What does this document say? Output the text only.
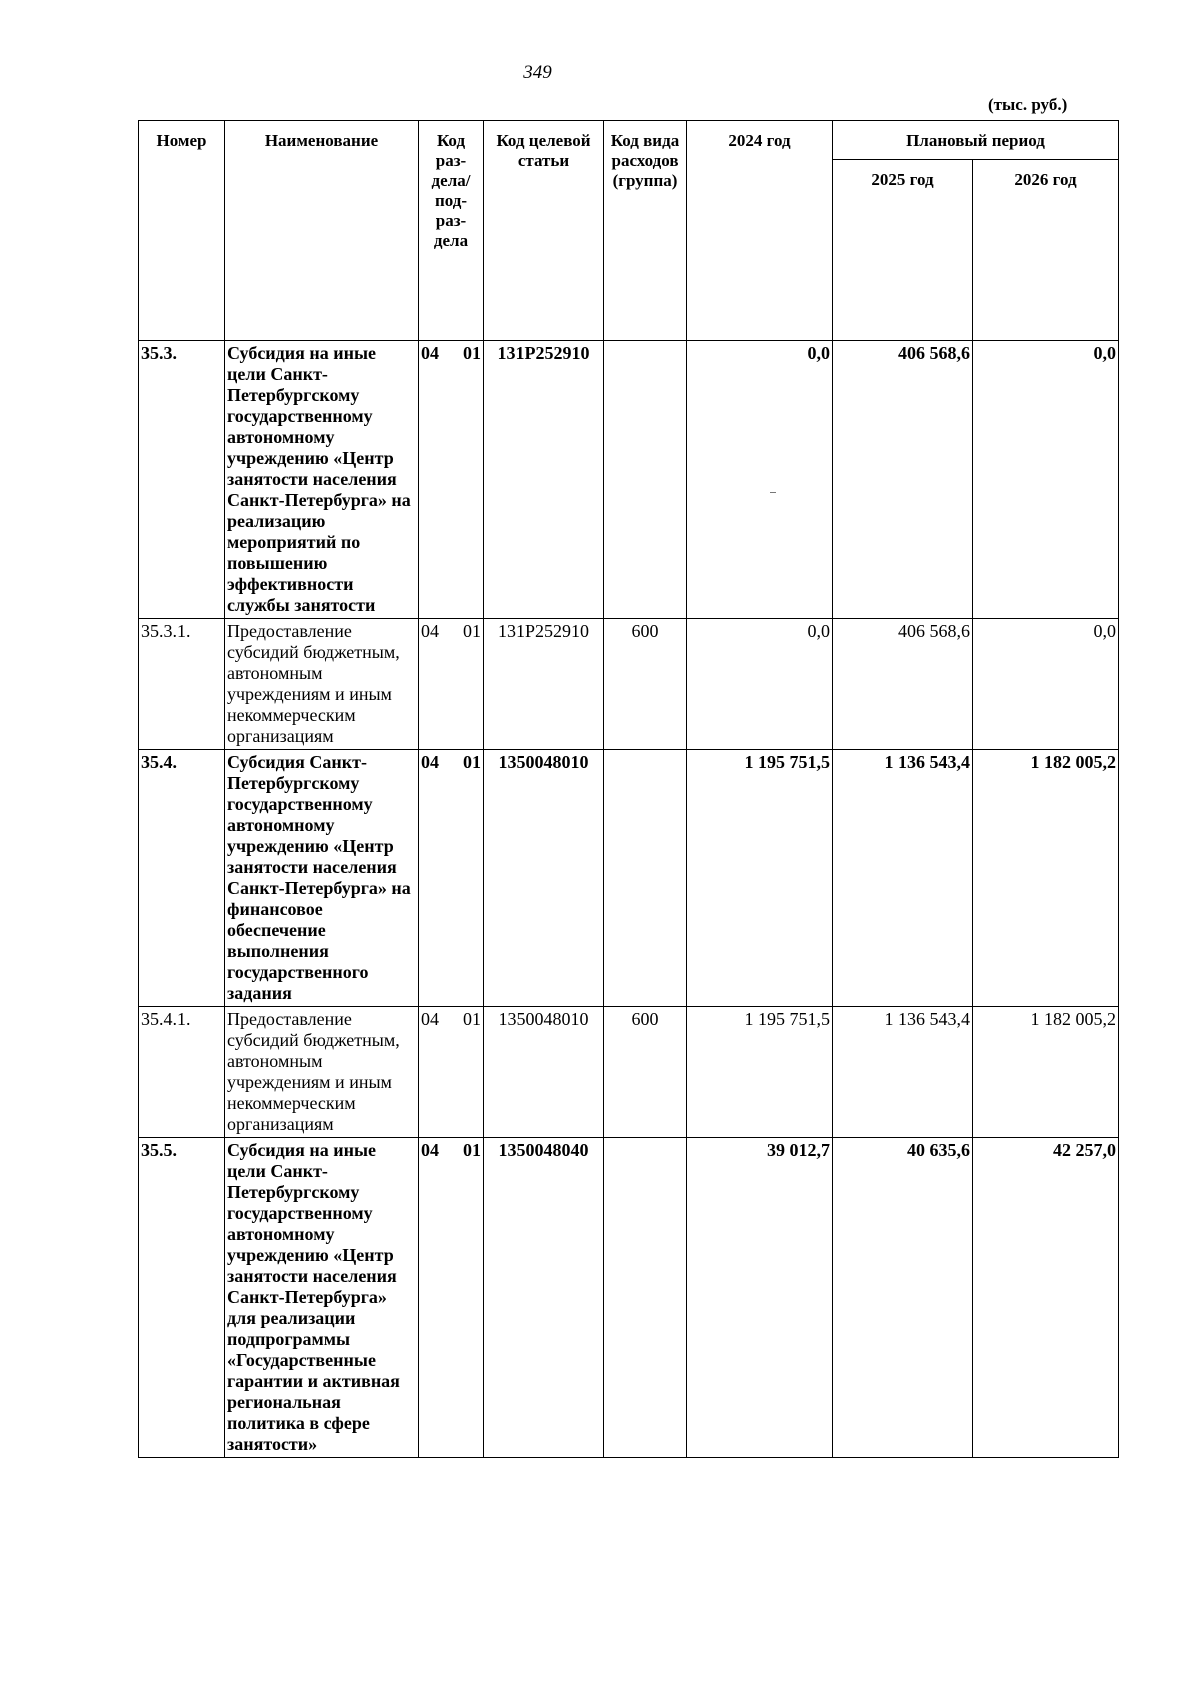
349
(тыс. руб.)
Номер	Наименование	Код раз-дела/ под-раз-дела	Код целевой статьи	Код вида расходов (группа)	2024 год	Плановый период	
						2025 год	2026 год
35.3.	Субсидия на иные цели Санкт-Петербургскому государственному автономному учреждению «Центр занятости населения Санкт-Петербурга» на реализацию мероприятий по повышению эффективности службы занятости	04 01	131P252910		0,0	406 568,6	0,0
35.3.1.	Предоставление субсидий бюджетным, автономным учреждениям и иным некоммерческим организациям	04 01	131P252910	600	0,0	406 568,6	0,0
35.4.	Субсидия Санкт-Петербургскому государственному автономному учреждению «Центр занятости населения Санкт-Петербурга» на финансовое обеспечение выполнения государственного задания	04 01	1350048010		1 195 751,5	1 136 543,4	1 182 005,2
35.4.1.	Предоставление субсидий бюджетным, автономным учреждениям и иным некоммерческим организациям	04 01	1350048010	600	1 195 751,5	1 136 543,4	1 182 005,2
35.5.	Субсидия на иные цели Санкт-Петербургскому государственному автономному учреждению «Центр занятости населения Санкт-Петербурга» для реализации подпрограммы «Государственные гарантии и активная региональная политика в сфере занятости»	04 01	1350048040		39 012,7	40 635,6	42 257,0
